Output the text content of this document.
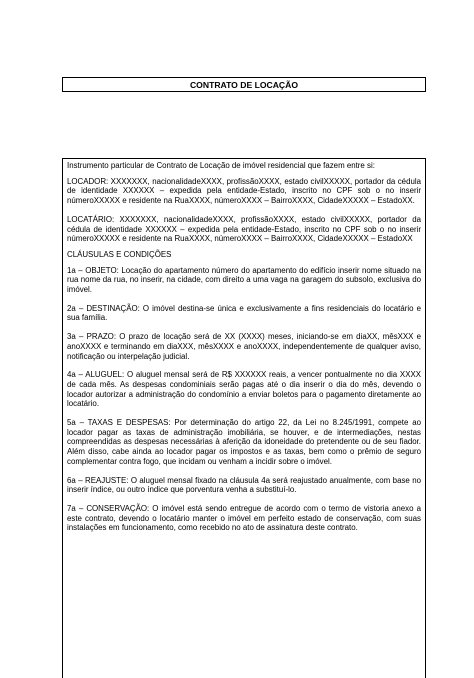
CONTRATO DE LOCAÇÃO

Instrumento particular de Contrato de Locação de imóvel residencial que fazem entre si:

LOCADOR: XXXXXXX, nacionalidadeXXXX, profissãoXXXX, estado civilXXXXX, portador da cédula de identidade XXXXXX – expedida pela entidade-Estado, inscrito no CPF sob o no inserir númeroXXXXX e residente na RuaXXXX, númeroXXXX – BairroXXXX, CidadeXXXXX – EstadoXX.

LOCATÁRIO: XXXXXXX, nacionalidadeXXXX, profissãoXXXX, estado civilXXXXX, portador da cédula de identidade XXXXXX – expedida pela entidade-Estado, inscrito no CPF sob o no inserir númeroXXXXX e residente na RuaXXXX, númeroXXXX – BairroXXXX, CidadeXXXXX – EstadoXX

CLÁUSULAS E CONDIÇÕES

1a – OBJETO: Locação do apartamento número do apartamento do edifício inserir nome situado na rua nome da rua, no inserir, na cidade, com direito a uma vaga na garagem do subsolo, exclusiva do imóvel.

2a – DESTINAÇÃO: O imóvel destina-se única e exclusivamente a fins residenciais do locatário e sua família.

3a – PRAZO: O prazo de locação será de XX (XXXX) meses, iniciando-se em diaXX, mêsXXX e anoXXXX e terminando em diaXXX, mêsXXXX e anoXXXX, independentemente de qualquer aviso, notificação ou interpelação judicial.

4a – ALUGUEL: O aluguel mensal será de R$ XXXXXX reais, a vencer pontualmente no dia XXXX de cada mês. As despesas condominiais serão pagas até o dia inserir o dia do mês, devendo o locador autorizar a administração do condomínio a enviar boletos para o pagamento diretamente ao locatário.

5a – TAXAS E DESPESAS: Por determinação do artigo 22, da Lei no 8.245/1991, compete ao locador pagar as taxas de administração imobiliária, se houver, e de intermediações, nestas compreendidas as despesas necessárias à aferição da idoneidade do pretendente ou de seu fiador. Além disso, cabe ainda ao locador pagar os impostos e as taxas, bem como o prêmio de seguro complementar contra fogo, que incidam ou venham a incidir sobre o imóvel.

6a – REAJUSTE: O aluguel mensal fixado na cláusula 4a será reajustado anualmente, com base no inserir índice, ou outro índice que porventura venha a substituí-lo.

7a – CONSERVAÇÃO: O imóvel está sendo entregue de acordo com o termo de vistoria anexo a este contrato, devendo o locatário manter o imóvel em perfeito estado de conservação, com suas instalações em funcionamento, como recebido no ato de assinatura deste contrato.
